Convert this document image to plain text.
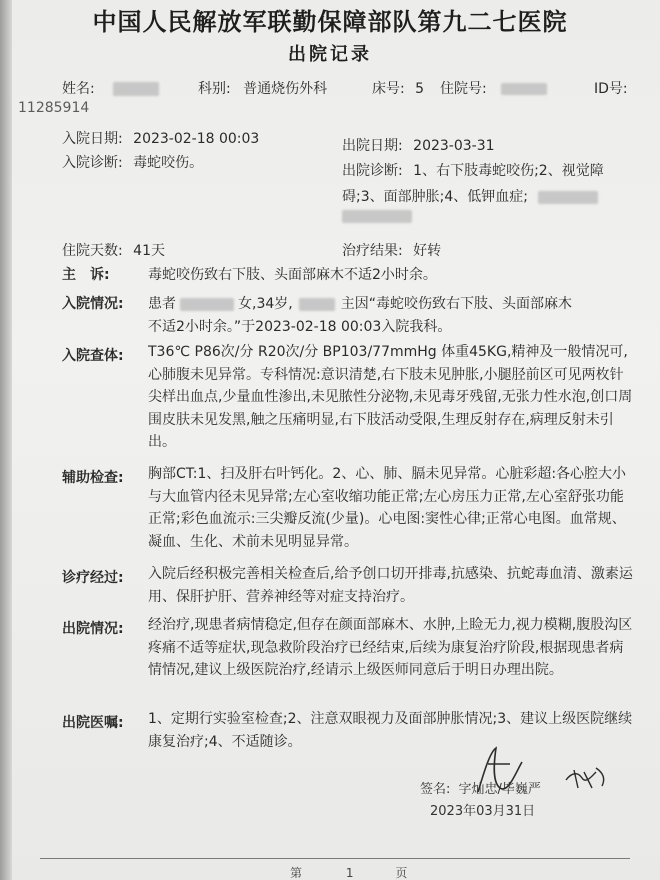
中国人民解放军联勤保障部队第九二七医院
出院记录
姓名:	科别: 普通烧伤外科	床号: 5 住院号:	ID号:
11285914
入院日期: 2023-02-18 00:03
入院诊断: 毒蛇咬伤。
出院日期: 2023-03-31
出院诊断: 1、右下肢毒蛇咬伤;2、视觉障
碍;3、面部肿胀;4、低钾血症;
住院天数: 41天	治疗结果: 好转
主　诉:	毒蛇咬伤致右下肢、头面部麻木不适2小时余。
入院情况: 患者	女,34岁,	主因“毒蛇咬伤致右下肢、头面部麻木
不适2小时余。”于2023-02-18 00:03入院我科。
入院查体: T36℃ P86次/分 R20次/分 BP103/77mmHg 体重45KG,精神及一般情况可,心肺腹未见异常。专科情况:意识清楚,右下肢未见肿胀,小腿胫前区可见两枚针尖样出血点,少量血性渗出,未见脓性分泌物,未见毒牙残留,无张力性水泡,创口周围皮肤未见发黑,触之压痛明显,右下肢活动受限,生理反射存在,病理反射未引出。
辅助检查: 胸部CT:1、扫及肝右叶钙化。2、心、肺、膈未见异常。心脏彩超:各心腔大小与大血管内径未见异常;左心室收缩功能正常;左心房压力正常,左心室舒张功能正常;彩色血流示:三尖瓣反流(少量)。心电图:窦性心律;正常心电图。血常规、凝血、生化、术前未见明显异常。
诊疗经过: 入院后经积极完善相关检查后,给予创口切开排毒,抗感染、抗蛇毒血清、激素运用、保肝护肝、营养神经等对症支持治疗。
出院情况: 经治疗,现患者病情稳定,但存在颜面部麻木、水肿,上睑无力,视力模糊,腹股沟区疼痛不适等症状,现急救阶段治疗已经结束,后续为康复治疗阶段,根据现患者病情情况,建议上级医院治疗,经请示上级医师同意后于明日办理出院。
出院医嘱: 1、定期行实验室检查;2、注意双眼视力及面部肿胀情况;3、建议上级医院继续康复治疗;4、不适随诊。
签名: 字灿忠/毕巍严
2023年03月31日
第	1	页
